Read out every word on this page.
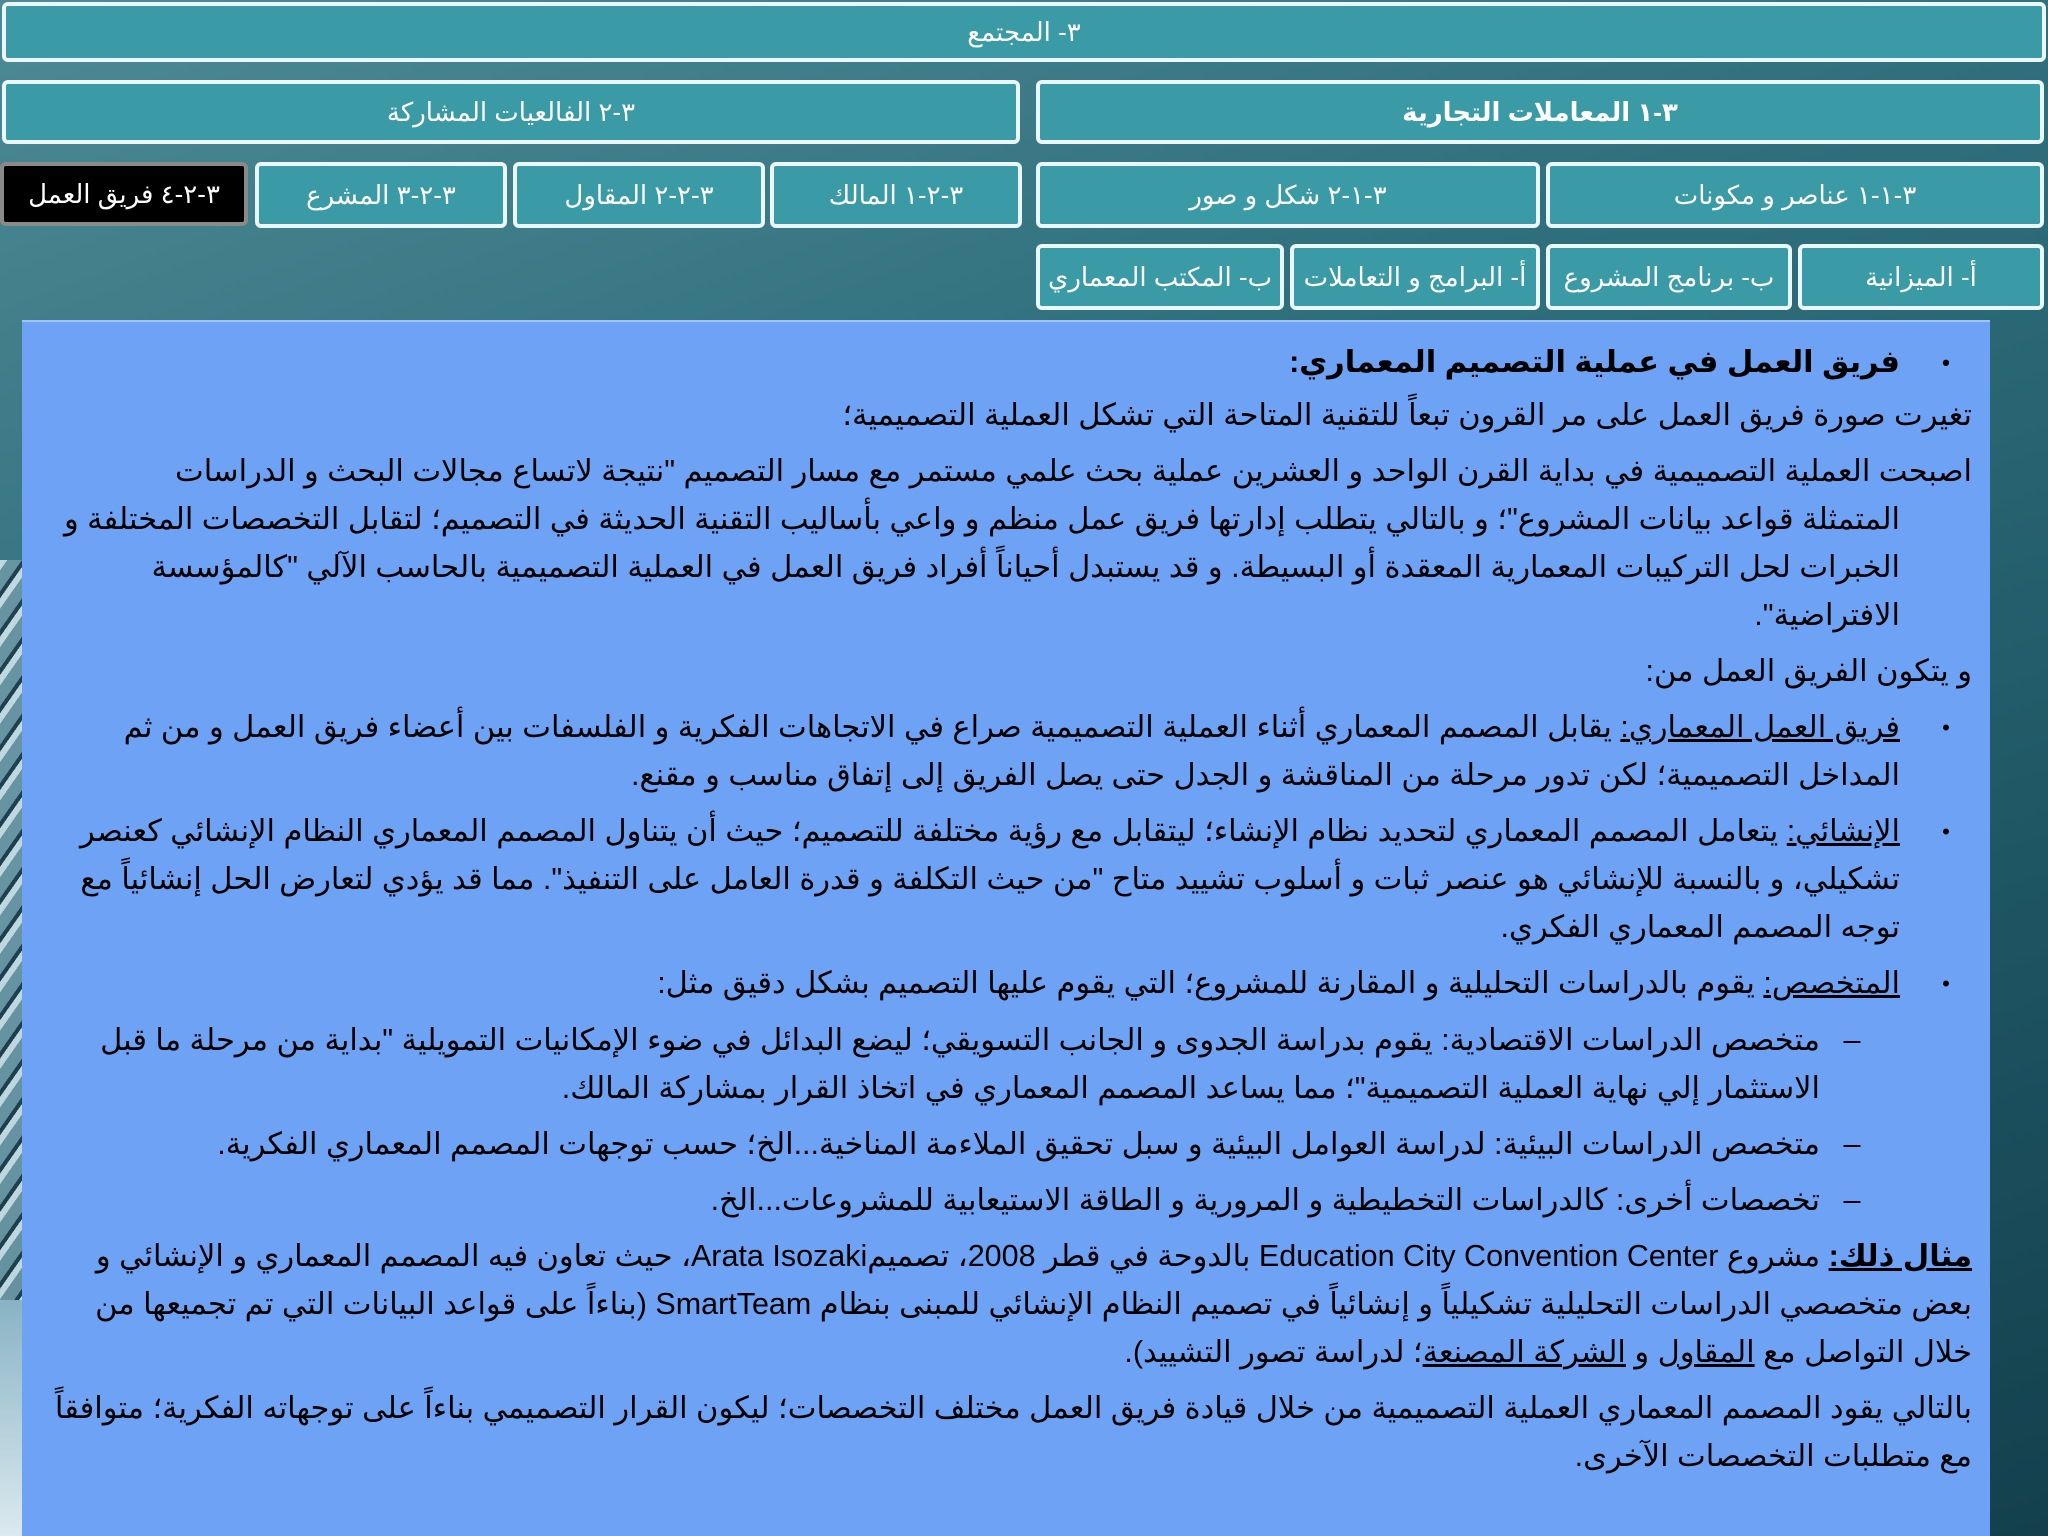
٣- المجتمع
٣-١ المعاملات التجارية
٣-٢ الفالعيات المشاركة
٣-١-١ عناصر و مكونات
٣-١-٢ شكل و صور
٣-٢-١ المالك
٣-٢-٢ المقاول
٣-٢-٣ المشرع
٣-٢-٤ فريق العمل
أ- الميزانية
ب- برنامج المشروع
أ- البرامج و التعاملات
ب- المكتب المعماري
•
فريق العمل في عملية التصميم المعماري:

تغيرت صورة فريق العمل على مر القرون تبعاً للتقنية المتاحة التي تشكل العملية التصميمية؛

اصبحت العملية التصميمية في بداية القرن الواحد و العشرين عملية بحث علمي مستمر مع مسار التصميم "نتيجة لاتساع مجالات البحث و الدراسات
المتمثلة قواعد بيانات المشروع"؛ و بالتالي يتطلب إدارتها فريق عمل منظم و واعي بأساليب التقنية الحديثة في التصميم؛ لتقابل التخصصات المختلفة و الخبرات لحل التركيبات المعمارية المعقدة أو البسيطة. و قد يستبدل أحياناً أفراد فريق العمل في العملية التصميمية بالحاسب الآلي "كالمؤسسة الافتراضية".

و يتكون الفريق العمل من:

•
فريق العمل المعماري: يقابل المصمم المعماري أثناء العملية التصميمية صراع في الاتجاهات الفكرية و الفلسفات بين أعضاء فريق العمل و من ثم المداخل التصميمية؛ لكن تدور مرحلة من المناقشة و الجدل حتى يصل الفريق إلى إتفاق مناسب و مقنع.
•
الإنشائي: يتعامل المصمم المعماري لتحديد نظام الإنشاء؛ ليتقابل مع رؤية مختلفة للتصميم؛ حيث أن يتناول المصمم المعماري النظام الإنشائي كعنصر تشكيلي، و بالنسبة للإنشائي هو عنصر ثبات و أسلوب تشييد متاح "من حيث التكلفة و قدرة العامل على التنفيذ". مما قد يؤدي لتعارض الحل إنشائياً مع توجه المصمم المعماري الفكري.
•
المتخصص: يقوم بالدراسات التحليلية و المقارنة للمشروع؛ التي يقوم عليها التصميم بشكل دقيق مثل:
–
متخصص الدراسات الاقتصادية: يقوم بدراسة الجدوى و الجانب التسويقي؛ ليضع البدائل في ضوء الإمكانيات التمويلية "بداية من مرحلة ما قبل الاستثمار إلي نهاية العملية التصميمية"؛ مما يساعد المصمم المعماري في اتخاذ القرار بمشاركة المالك.
–
متخصص الدراسات البيئية: لدراسة العوامل البيئية و سبل تحقيق الملاءمة المناخية...الخ؛ حسب توجهات المصمم المعماري الفكرية.
–
تخصصات أخرى: كالدراسات التخطيطية و المرورية و الطاقة الاستيعابية للمشروعات...الخ.

مثال ذلك: مشروع Education City Convention Center بالدوحة في قطر 2008، تصميمArata Isozaki، حيث تعاون فيه المصمم المعماري و الإنشائي و بعض متخصصي الدراسات التحليلية تشكيلياً و إنشائياً في تصميم النظام الإنشائي للمبنى بنظام SmartTeam (بناءاً على قواعد البيانات التي تم تجميعها من خلال التواصل مع المقاول و الشركة المصنعة؛ لدراسة تصور التشييد).

بالتالي يقود المصمم المعماري العملية التصميمية من خلال قيادة فريق العمل مختلف التخصصات؛ ليكون القرار التصميمي بناءاً على توجهاته الفكرية؛ متوافقاً مع متطلبات التخصصات الآخرى.
